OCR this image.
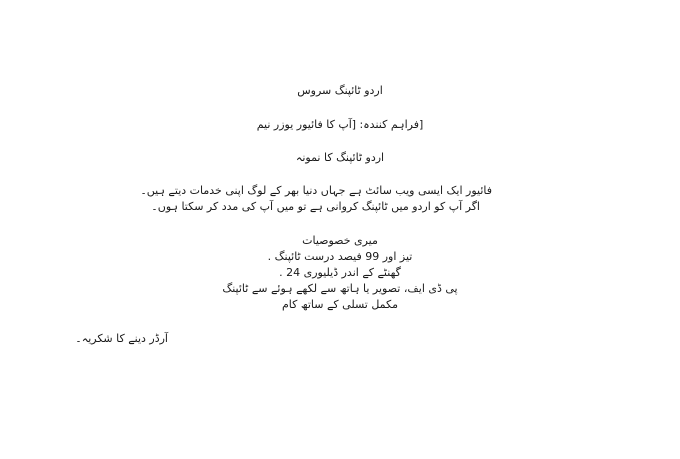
اردو ٹائپنگ سروس
[فراہم کنندہ: [آپ کا فائیور یوزر نیم
اردو ٹائپنگ کا نمونہ
فائیور ایک ایسی ویب سائٹ ہے جہاں دنیا بھر کے لوگ اپنی خدمات دیتے ہیں۔
اگر آپ کو اردو میں ٹائپنگ کروانی ہے تو میں آپ کی مدد کر سکتا ہوں۔
میری خصوصیات
تیز اور 99 فیصد درست ٹائپنگ .
گھنٹے کے اندر ڈیلیوری 24 .
پی ڈی ایف، تصویر یا ہاتھ سے لکھے ہوئے سے ٹائپنگ
مکمل تسلی کے ساتھ کام
آرڈر دینے کا شکریہ۔
